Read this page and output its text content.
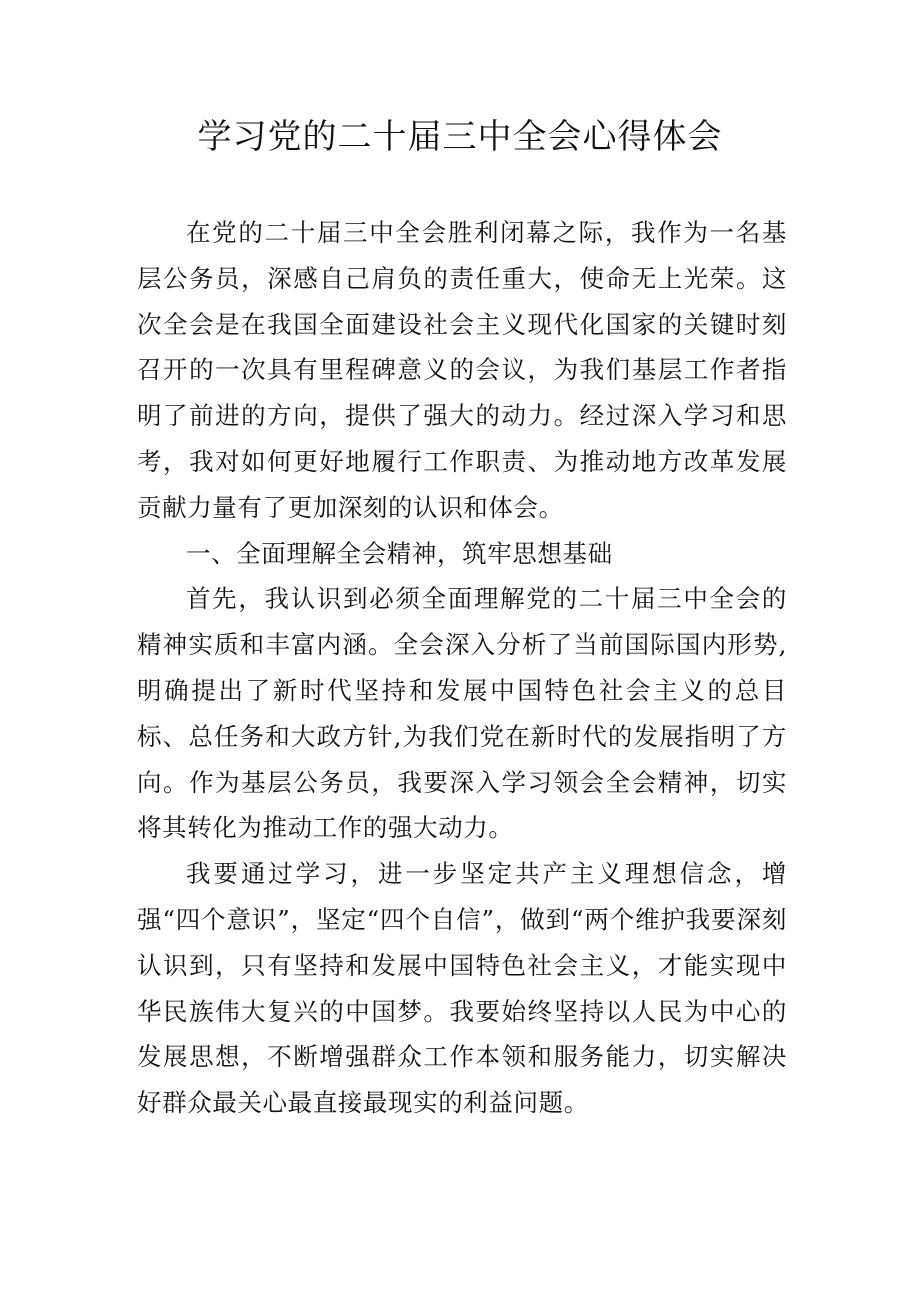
学习党的二十届三中全会心得体会

在党的二十届三中全会胜利闭幕之际，我作为一名基层公务员，深感自己肩负的责任重大，使命无上光荣。这次全会是在我国全面建设社会主义现代化国家的关键时刻召开的一次具有里程碑意义的会议，为我们基层工作者指明了前进的方向，提供了强大的动力。经过深入学习和思考，我对如何更好地履行工作职责、为推动地方改革发展贡献力量有了更加深刻的认识和体会。

一、全面理解全会精神，筑牢思想基础

首先，我认识到必须全面理解党的二十届三中全会的精神实质和丰富内涵。全会深入分析了当前国际国内形势,明确提出了新时代坚持和发展中国特色社会主义的总目标、总任务和大政方针,为我们党在新时代的发展指明了方向。作为基层公务员，我要深入学习领会全会精神，切实将其转化为推动工作的强大动力。

我要通过学习，进一步坚定共产主义理想信念，增强“四个意识”，坚定“四个自信”，做到“两个维护我要深刻认识到，只有坚持和发展中国特色社会主义，才能实现中华民族伟大复兴的中国梦。我要始终坚持以人民为中心的发展思想，不断增强群众工作本领和服务能力，切实解决好群众最关心最直接最现实的利益问题。
